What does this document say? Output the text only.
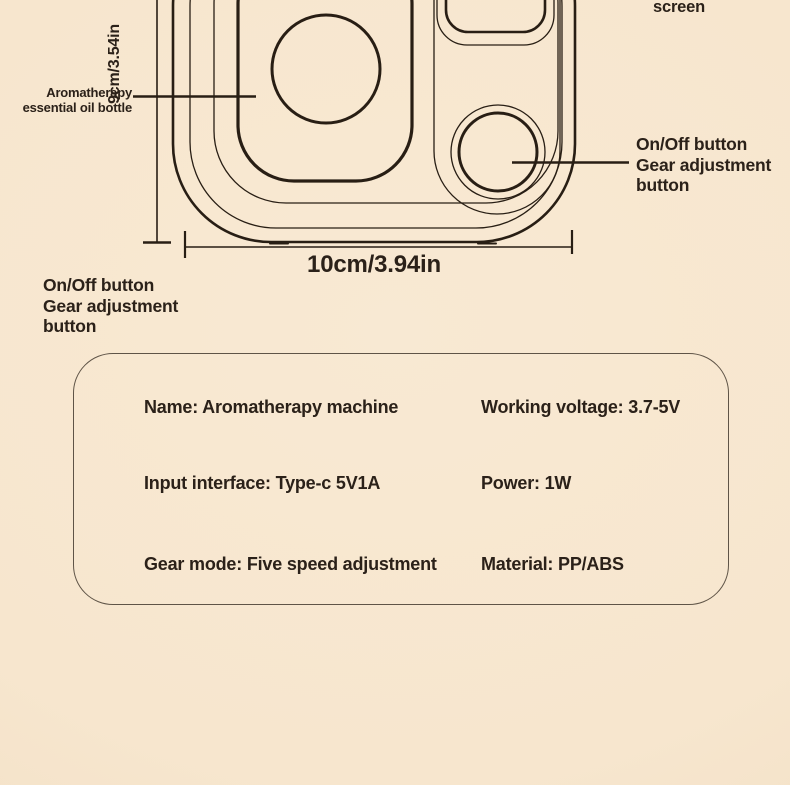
screen
Aromatherapy
essential oil bottle
On/Off button
Gear adjustment
button
On/Off button
Gear adjustment
button
9cm/3.54in
10cm/3.94in
Name: Aromatherapy machine	Working voltage: 3.7-5V
Input interface: Type-c 5V1A	Power: 1W
Gear mode: Five speed adjustment Material: PP/ABS
